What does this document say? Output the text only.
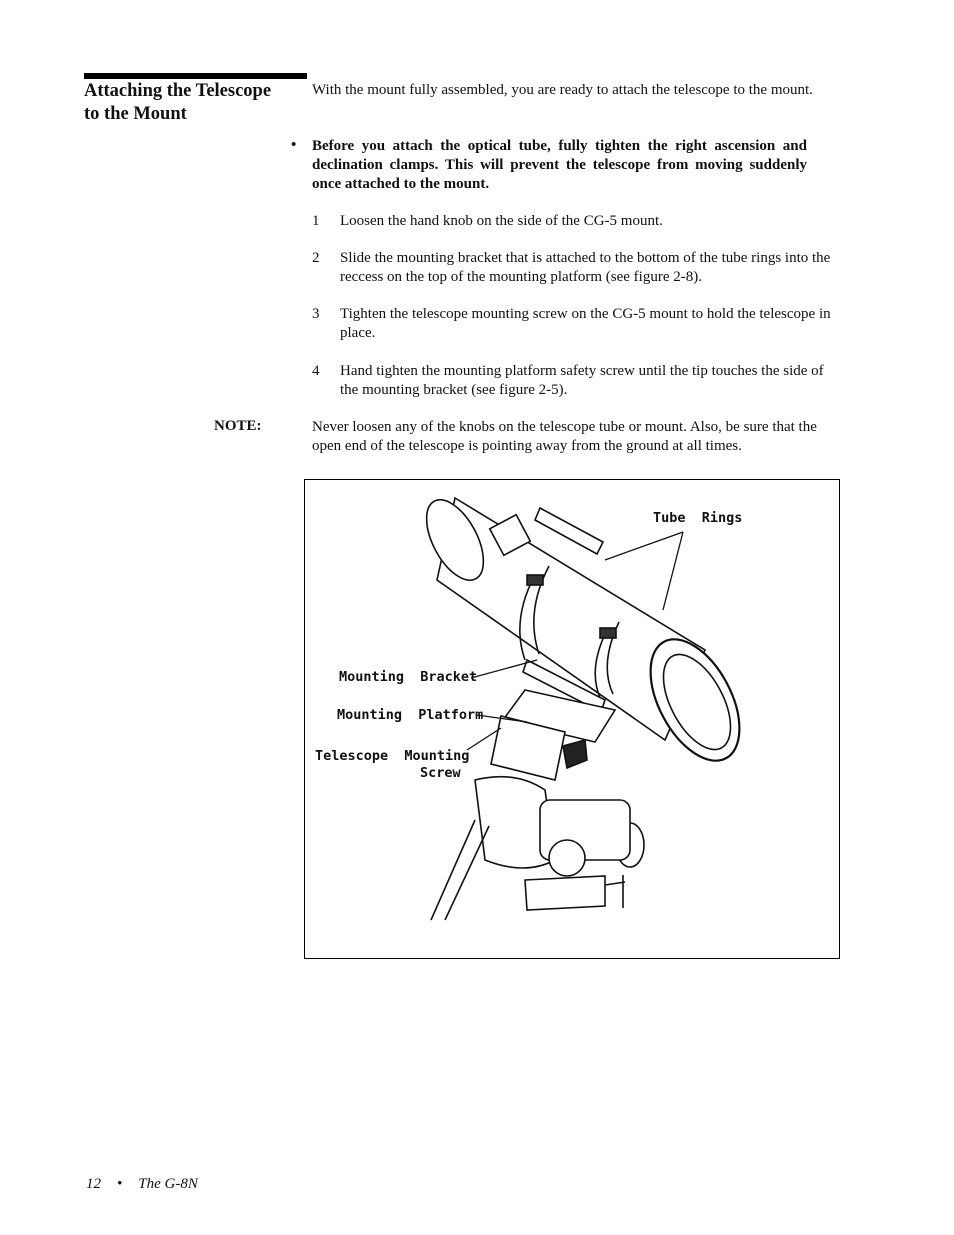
Attaching the Telescope
to the Mount
With the mount fully assembled, you are ready to attach the telescope to the mount.
• Before you attach the optical tube, fully tighten the right ascension and declination clamps. This will prevent the telescope from moving suddenly once attached to the mount.
1 Loosen the hand knob on the side of the CG-5 mount.
2 Slide the mounting bracket that is attached to the bottom of the tube rings into the reccess on the top of the mounting platform (see figure 2-8).
3 Tighten the telescope mounting screw on the CG-5 mount to hold the telescope in place.
4 Hand tighten the mounting platform safety screw until the tip touches the side of the mounting bracket (see figure 2-5).
NOTE:	Never loosen any of the knobs on the telescope tube or mount. Also, be sure that the open end of the telescope is pointing away from the ground at all times.
Tube  Rings
Mounting  Bracket
Mounting  Platform
Telescope  Mounting
Screw
12 • The G-8N
